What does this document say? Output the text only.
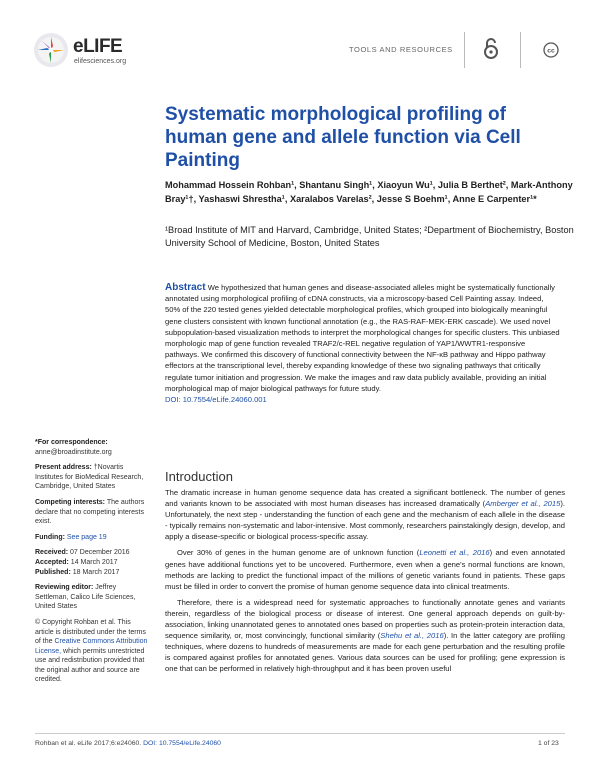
eLIFE
elifesciences.org
TOOLS AND RESOURCES	cc
Systematic morphological profiling of human gene and allele function via Cell Painting
Mohammad Hossein Rohban¹, Shantanu Singh¹, Xiaoyun Wu¹, Julia B Berthet², Mark-Anthony Bray¹†, Yashaswi Shrestha¹, Xaralabos Varelas², Jesse S Boehm¹, Anne E Carpenter¹*
¹Broad Institute of MIT and Harvard, Cambridge, United States; ²Department of Biochemistry, Boston University School of Medicine, Boston, United States
Abstract We hypothesized that human genes and disease-associated alleles might be systematically functionally annotated using morphological profiling of cDNA constructs, via a microscopy-based Cell Painting assay. Indeed, 50% of the 220 tested genes yielded detectable morphological profiles, which grouped into biologically meaningful gene clusters consistent with known functional annotation (e.g., the RAS-RAF-MEK-ERK cascade). We used novel subpopulation-based visualization methods to interpret the morphological changes for specific clusters. This unbiased morphologic map of gene function revealed TRAF2/c-REL negative regulation of YAP1/WWTR1-responsive pathways. We confirmed this discovery of functional connectivity between the NF-κB pathway and Hippo pathway effectors at the transcriptional level, thereby expanding knowledge of these two signaling pathways that critically regulate tumor initiation and progression. We make the images and raw data publicly available, providing an initial morphological map of major biological pathways for future study.
DOI: 10.7554/eLife.24060.001
*For correspondence: anne@broadinstitute.org
Present address: †Novartis Institutes for BioMedical Research, Cambridge, United States
Competing interests: The authors declare that no competing interests exist.
Funding: See page 19
Received: 07 December 2016
Accepted: 14 March 2017
Published: 18 March 2017
Reviewing editor: Jeffrey Settleman, Calico Life Sciences, United States
© Copyright Rohban et al. This article is distributed under the terms of the Creative Commons Attribution License, which permits unrestricted use and redistribution provided that the original author and source are credited.
Introduction

The dramatic increase in human genome sequence data has created a significant bottleneck. The number of genes and variants known to be associated with most human diseases has increased dramatically (Amberger et al., 2015). Unfortunately, the next step - understanding the function of each gene and the mechanism of each allele in the disease - typically remains non-systematic and labor-intensive. Most commonly, researchers painstakingly design, develop, and apply a disease-specific or biological process-specific assay.

Over 30% of genes in the human genome are of unknown function (Leonetti et al., 2016) and even annotated genes have additional functions yet to be uncovered. Furthermore, even when a gene's normal functions are known, methods are lacking to predict the functional impact of the millions of genetic variants found in patients. These gaps must be filled in order to convert the promise of human genome sequence data into clinical treatments.

Therefore, there is a widespread need for systematic approaches to functionally annotate genes and variants therein, regardless of the biological process or disease of interest. One general approach depends on guilt-by-association, linking unannotated genes to annotated ones based on properties such as protein-protein interaction data, sequence similarity, or, most convincingly, functional similarity (Shehu et al., 2016). In the latter category are profiling techniques, where dozens to hundreds of measurements are made for each gene perturbation and the resulting profile is compared against profiles for annotated genes. Various data sources can be used for profiling; gene expression is one that can be performed in relatively high-throughput and it has been proven useful

Rohban et al. eLife 2017;6:e24060. DOI: 10.7554/eLife.24060	1 of 23
